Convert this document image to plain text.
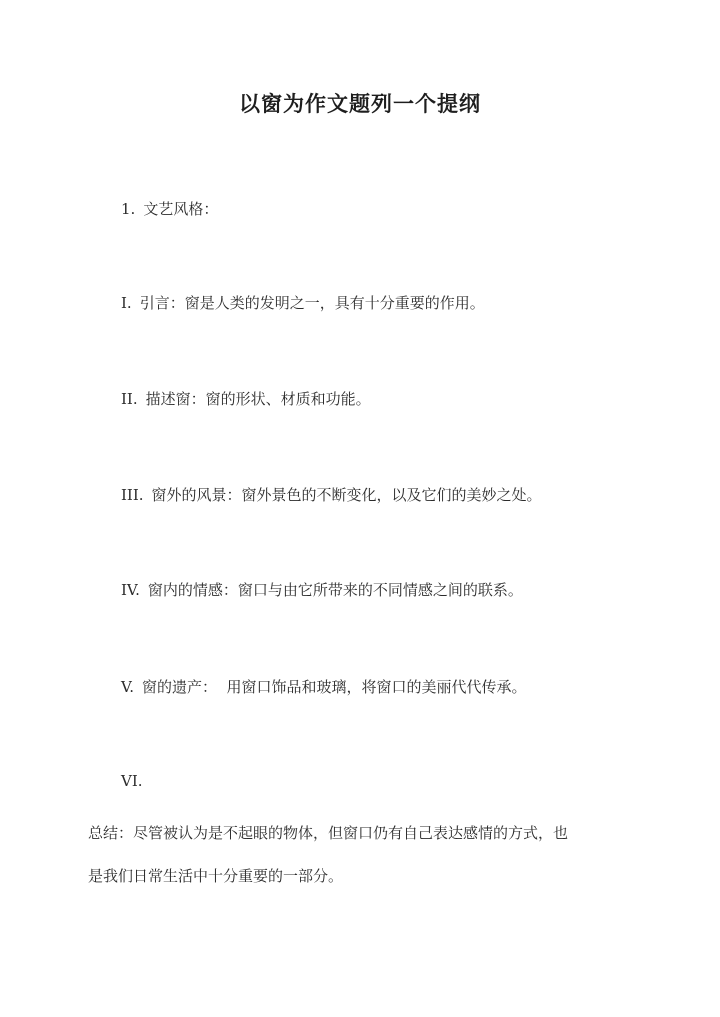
以窗为作文题列一个提纲
1. 文艺风格：
I. 引言：窗是人类的发明之一，具有十分重要的作用。
II. 描述窗：窗的形状、材质和功能。
III. 窗外的风景：窗外景色的不断变化，以及它们的美妙之处。
IV. 窗内的情感：窗口与由它所带来的不同情感之间的联系。
V. 窗的遗产：  用窗口饰品和玻璃，将窗口的美丽代代传承。
VI.
总结：尽管被认为是不起眼的物体，但窗口仍有自己表达感情的方式，也
是我们日常生活中十分重要的一部分。
